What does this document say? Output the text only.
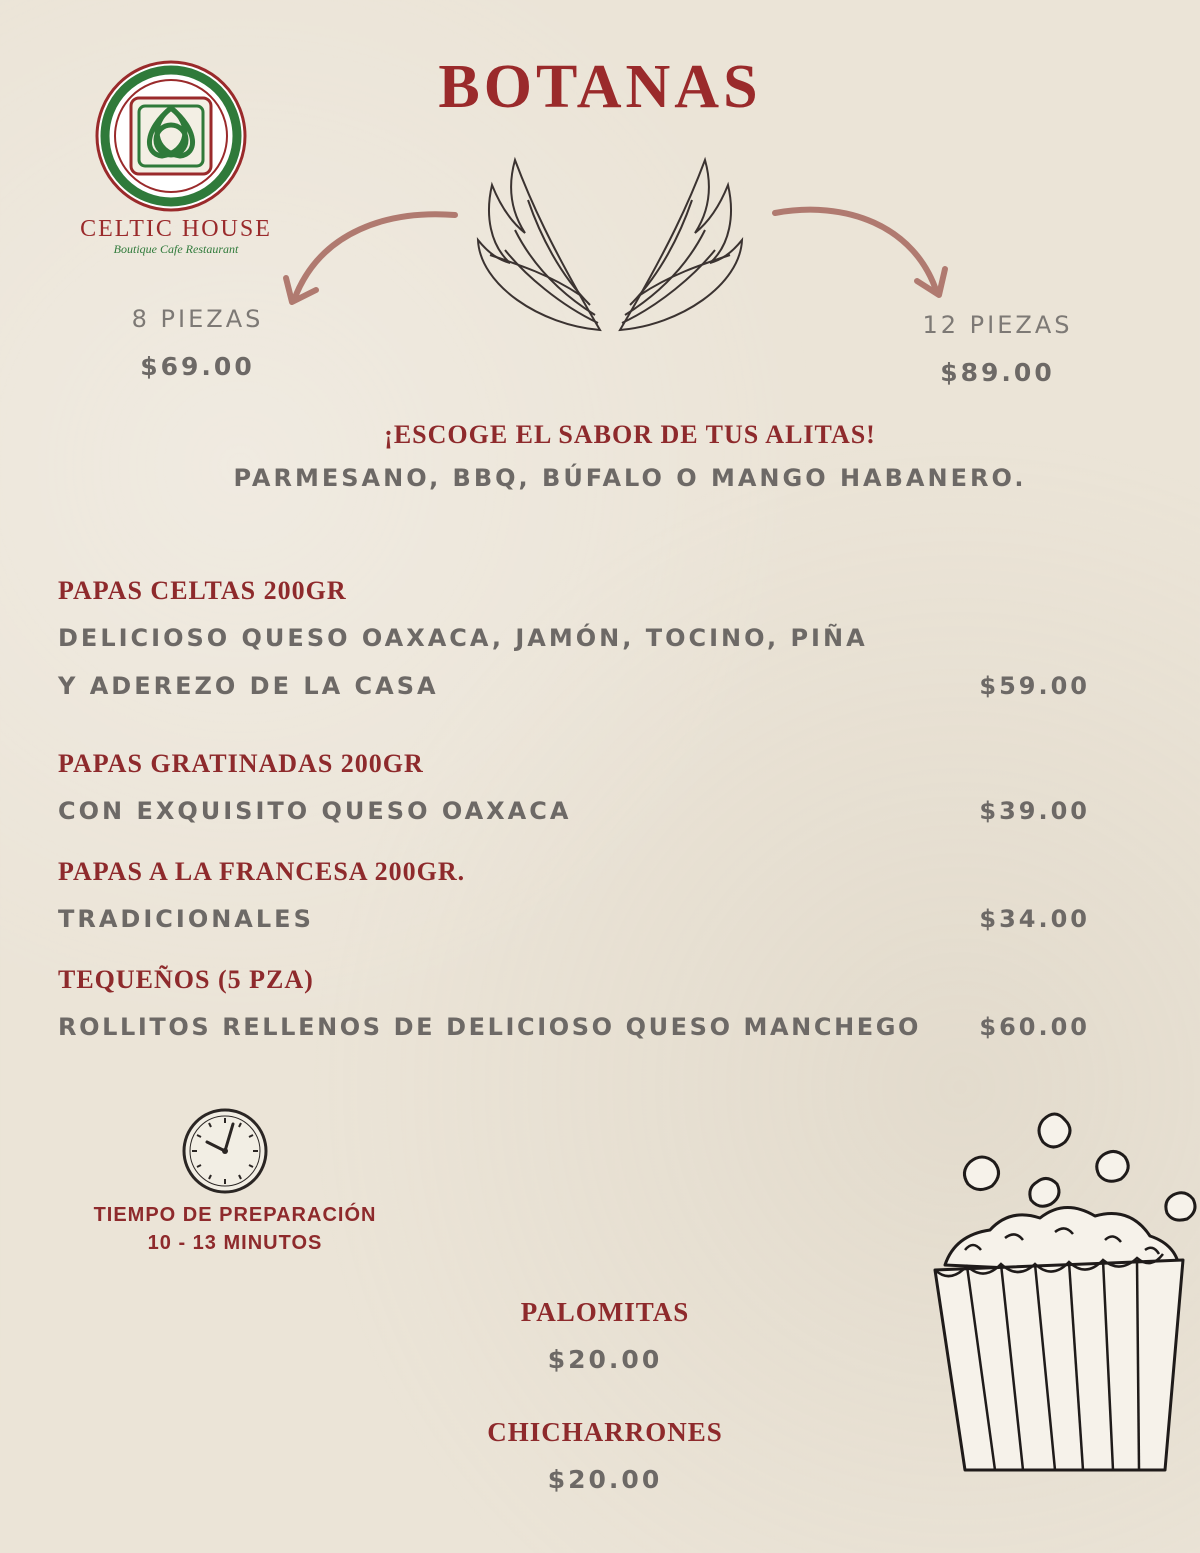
BOTANAS
CELTIC HOUSE
Boutique Cafe Restaurant
8 PIEZAS
$69.00
12 PIEZAS
$89.00
¡ESCOGE EL SABOR DE TUS ALITAS!
PARMESANO, BBQ, BÚFALO O MANGO HABANERO.
PAPAS CELTAS 200GR
DELICIOSO QUESO OAXACA, JAMÓN, TOCINO, PIÑA
Y ADEREZO DE LA CASA	$59.00
PAPAS GRATINADAS 200GR
CON EXQUISITO QUESO OAXACA	$39.00
PAPAS A LA FRANCESA 200GR.
TRADICIONALES	$34.00
TEQUEÑOS (5 PZA)
ROLLITOS RELLENOS DE DELICIOSO QUESO MANCHEGO	$60.00
TIEMPO DE PREPARACIÓN
10 - 13 MINUTOS
PALOMITAS
$20.00
CHICHARRONES
$20.00
